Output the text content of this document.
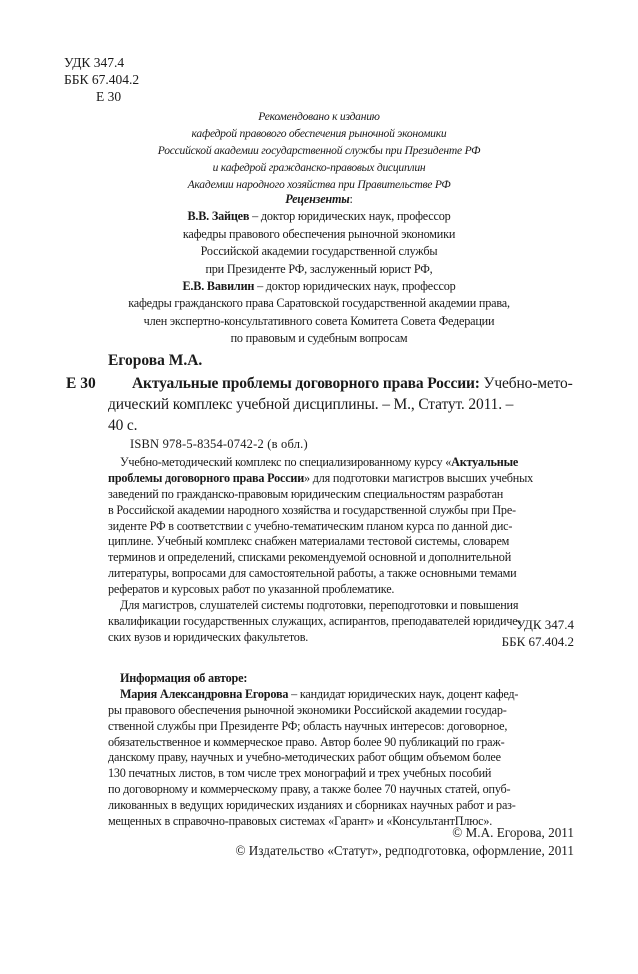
УДК 347.4
ББК 67.404.2
Е 30
Рекомендовано к изданию
кафедрой правового обеспечения рыночной экономики
Российской академии государственной службы при Президенте РФ
и кафедрой гражданско-правовых дисциплин
Академии народного хозяйства при Правительстве РФ
Рецензенты:
В.В. Зайцев – доктор юридических наук, профессор
кафедры правового обеспечения рыночной экономики
Российской академии государственной службы
при Президенте РФ, заслуженный юрист РФ,
Е.В. Вавилин – доктор юридических наук, профессор
кафедры гражданского права Саратовской государственной академии права,
член экспертно-консультативного совета Комитета Совета Федерации
по правовым и судебным вопросам
Егорова М.А.
Е 30	Актуальные проблемы договорного права России: Учебно-мето-
дический комплекс учебной дисциплины. – М., Статут. 2011. –
40 с.
ISBN 978-5-8354-0742-2 (в обл.)
Учебно-методический комплекс по специализированному курсу «Актуальные
проблемы договорного права России» для подготовки магистров высших учебных
заведений по гражданско-правовым юридическим специальностям разработан
в Российской академии народного хозяйства и государственной службы при Пре-
зиденте РФ в соответствии с учебно-тематическим планом курса по данной дис-
циплине. Учебный комплекс снабжен материалами тестовой системы, словарем
терминов и определений, списками рекомендуемой основной и дополнительной
литературы, вопросами для самостоятельной работы, а также основными темами
рефератов и курсовых работ по указанной проблематике.
Для магистров, слушателей системы подготовки, переподготовки и повышения
квалификации государственных служащих, аспирантов, преподавателей юридиче-
ских вузов и юридических факультетов.
УДК 347.4
ББК 67.404.2
Информация об авторе:
Мария Александровна Егорова – кандидат юридических наук, доцент кафед-
ры правового обеспечения рыночной экономики Российской академии государ-
ственной службы при Президенте РФ; область научных интересов: договорное,
обязательственное и коммерческое право. Автор более 90 публикаций по граж-
данскому праву, научных и учебно-методических работ общим объемом более
130 печатных листов, в том числе трех монографий и трех учебных пособий
по договорному и коммерческому праву, а также более 70 научных статей, опуб-
ликованных в ведущих юридических изданиях и сборниках научных работ и раз-
мещенных в справочно-правовых системах «Гарант» и «КонсультантПлюс».
© М.А. Егорова, 2011
© Издательство «Статут», редподготовка, оформление, 2011
